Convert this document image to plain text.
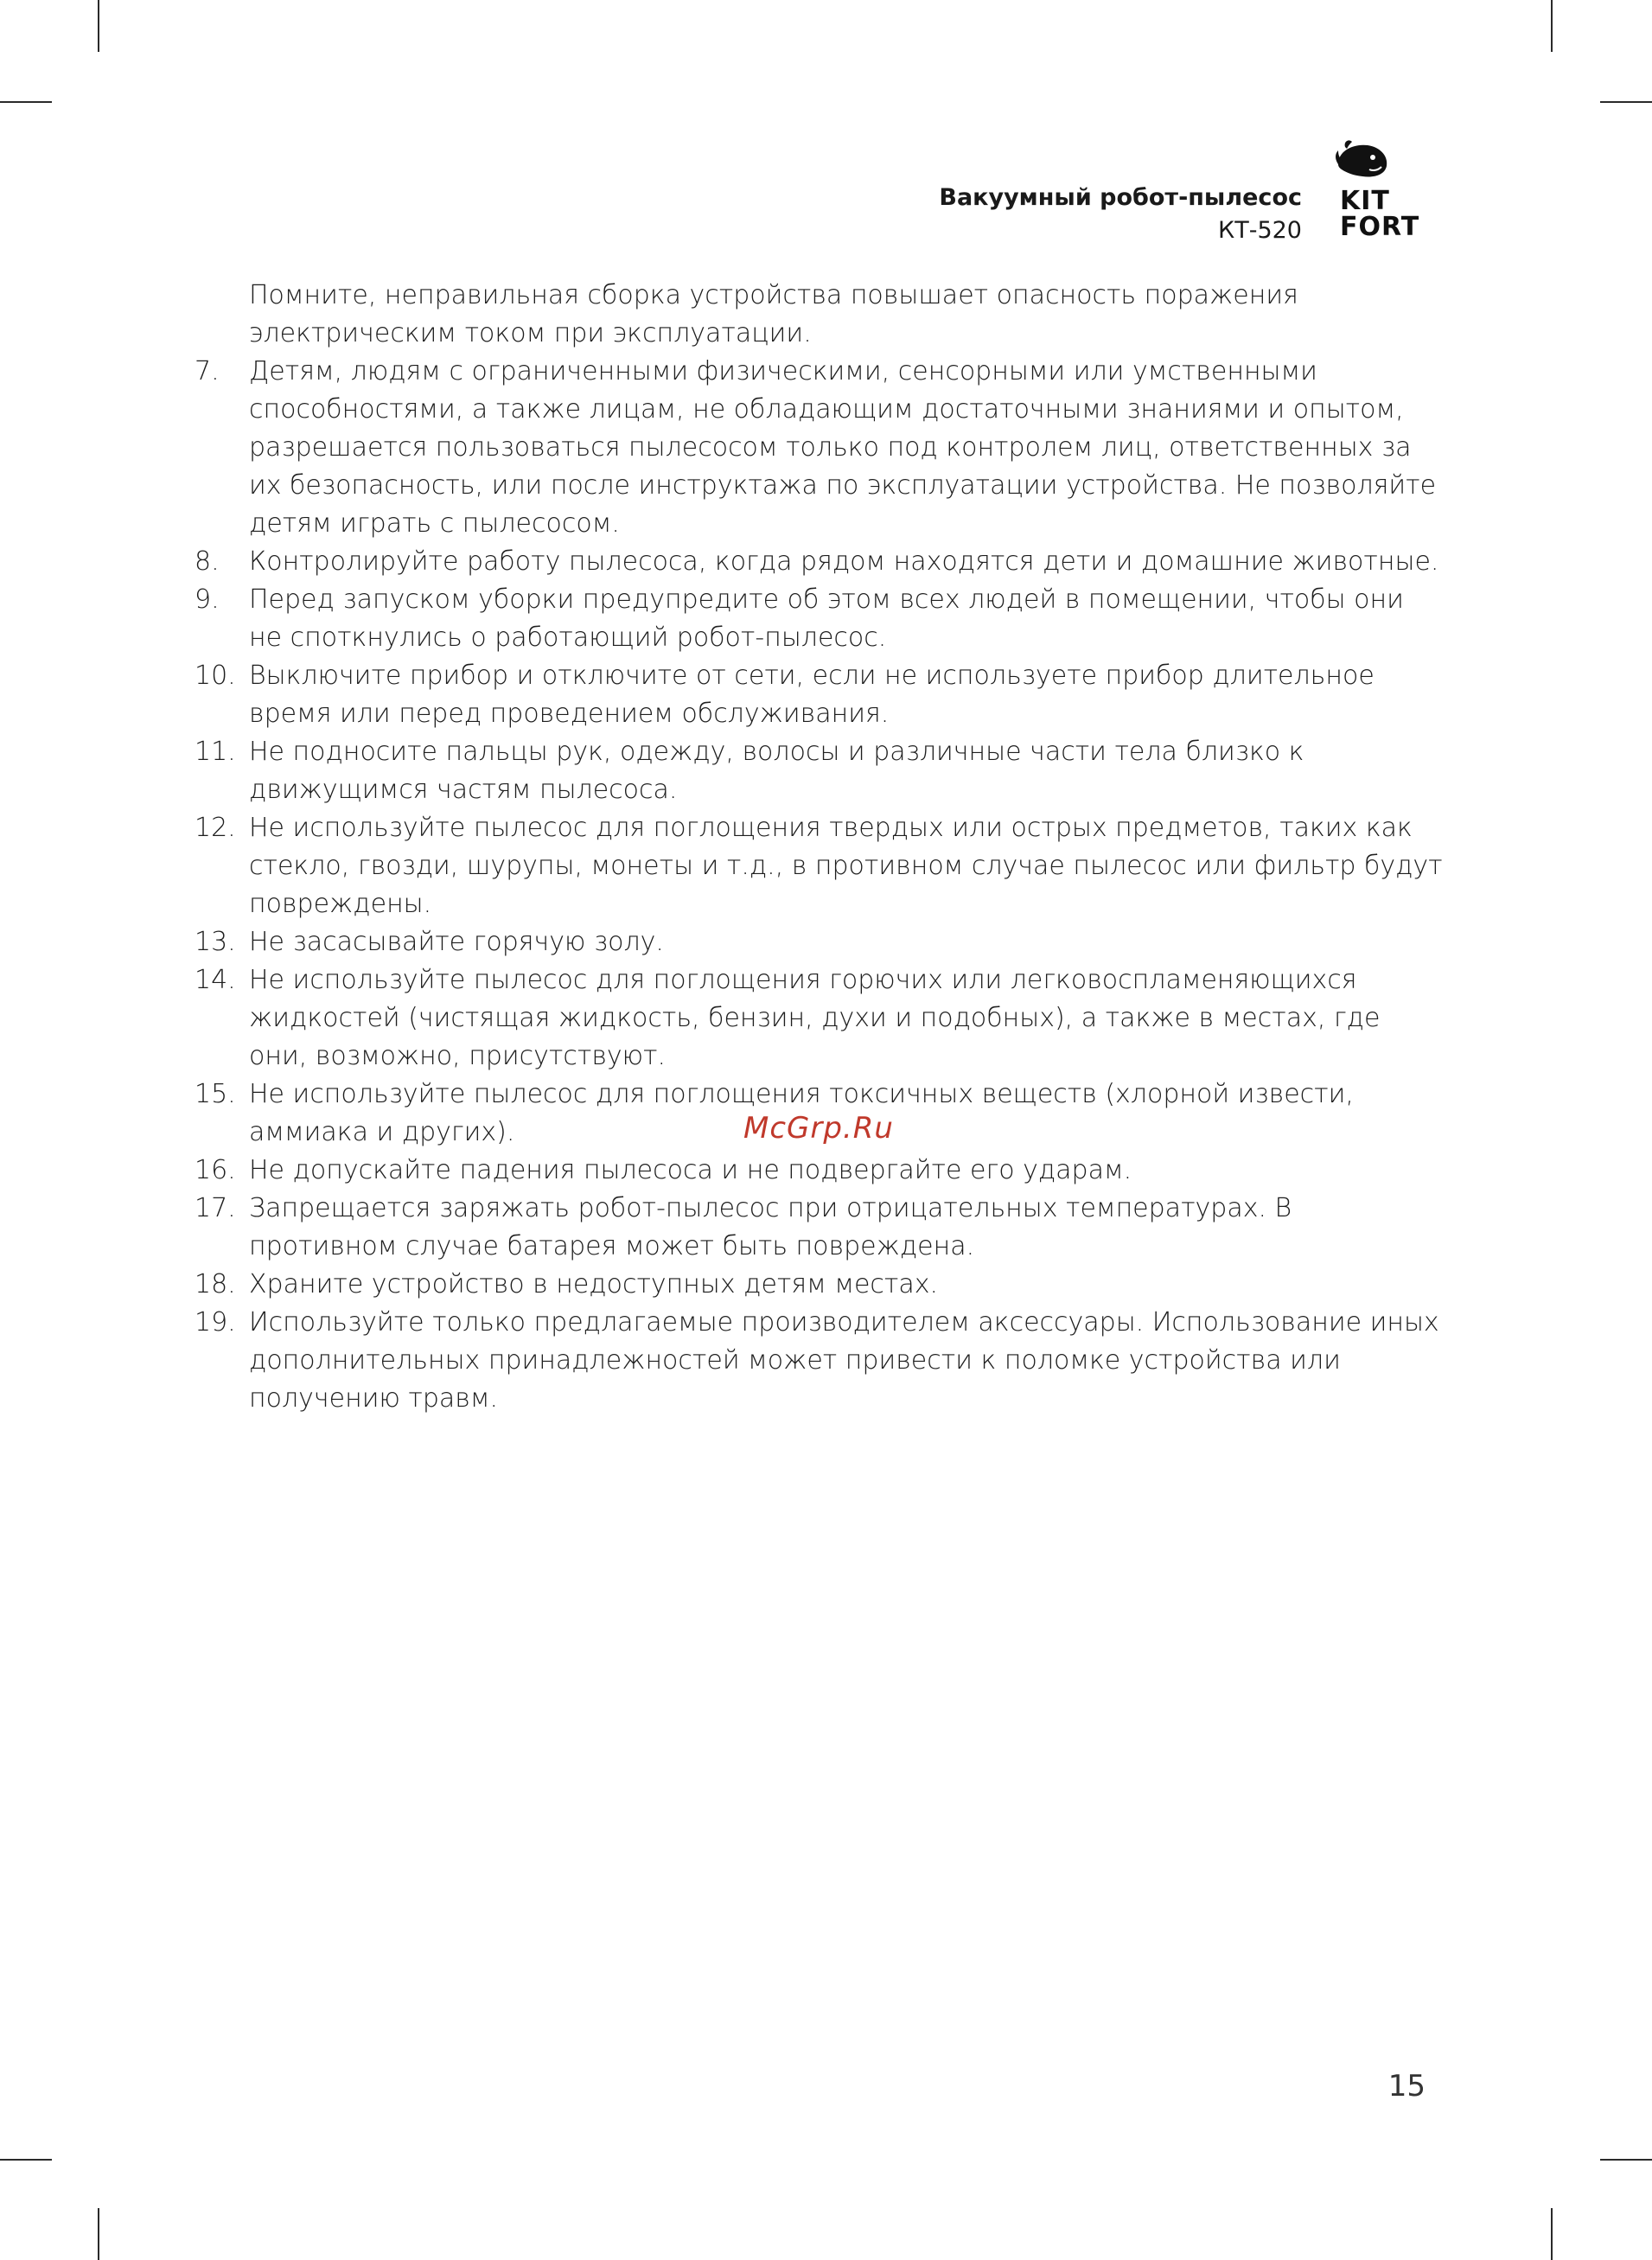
Вакуумный робот-пылесос
КТ-520
KIT
FORT

Помните, неправильная сборка устройства повышает опасность поражения электрическим током при эксплуатации.

7.	Детям, людям с ограниченными физическими, сенсорными или умственными способностями, а также лицам, не обладающим достаточными знаниями и опытом, разрешается пользоваться пылесосом только под контролем лиц, ответственных за их безопасность, или после инструктажа по эксплуатации устройства. Не позволяйте детям играть с пылесосом.
8.	Контролируйте работу пылесоса, когда рядом находятся дети и домашние животные.
9.	Перед запуском уборки предупредите об этом всех людей в помещении, чтобы они не споткнулись о работающий робот-пылесос.
10. Выключите прибор и отключите от сети, если не используете прибор длительное время или перед проведением обслуживания.
11. Не подносите пальцы рук, одежду, волосы и различные части тела близко к движущимся частям пылесоса.
12. Не используйте пылесос для поглощения твердых или острых предметов, таких как стекло, гвозди, шурупы, монеты и т.д., в противном случае пылесос или фильтр будут повреждены.
13. Не засасывайте горячую золу.
14. Не используйте пылесос для поглощения горючих или легковоспламеняющихся жидкостей (чистящая жидкость, бензин, духи и подобных), а также в местах, где они, возможно, присутствуют.
15. Не используйте пылесос для поглощения токсичных веществ (хлорной извести, аммиака и других).
16. Не допускайте падения пылесоса и не подвергайте его ударам.
17. Запрещается заряжать робот-пылесос при отрицательных температурах. В противном случае батарея может быть повреждена.
18. Храните устройство в недоступных детям местах.
19. Используйте только предлагаемые производителем аксессуары. Использование иных дополнительных принадлежностей может привести к поломке устройства или получению травм.
McGrp.Ru
15
